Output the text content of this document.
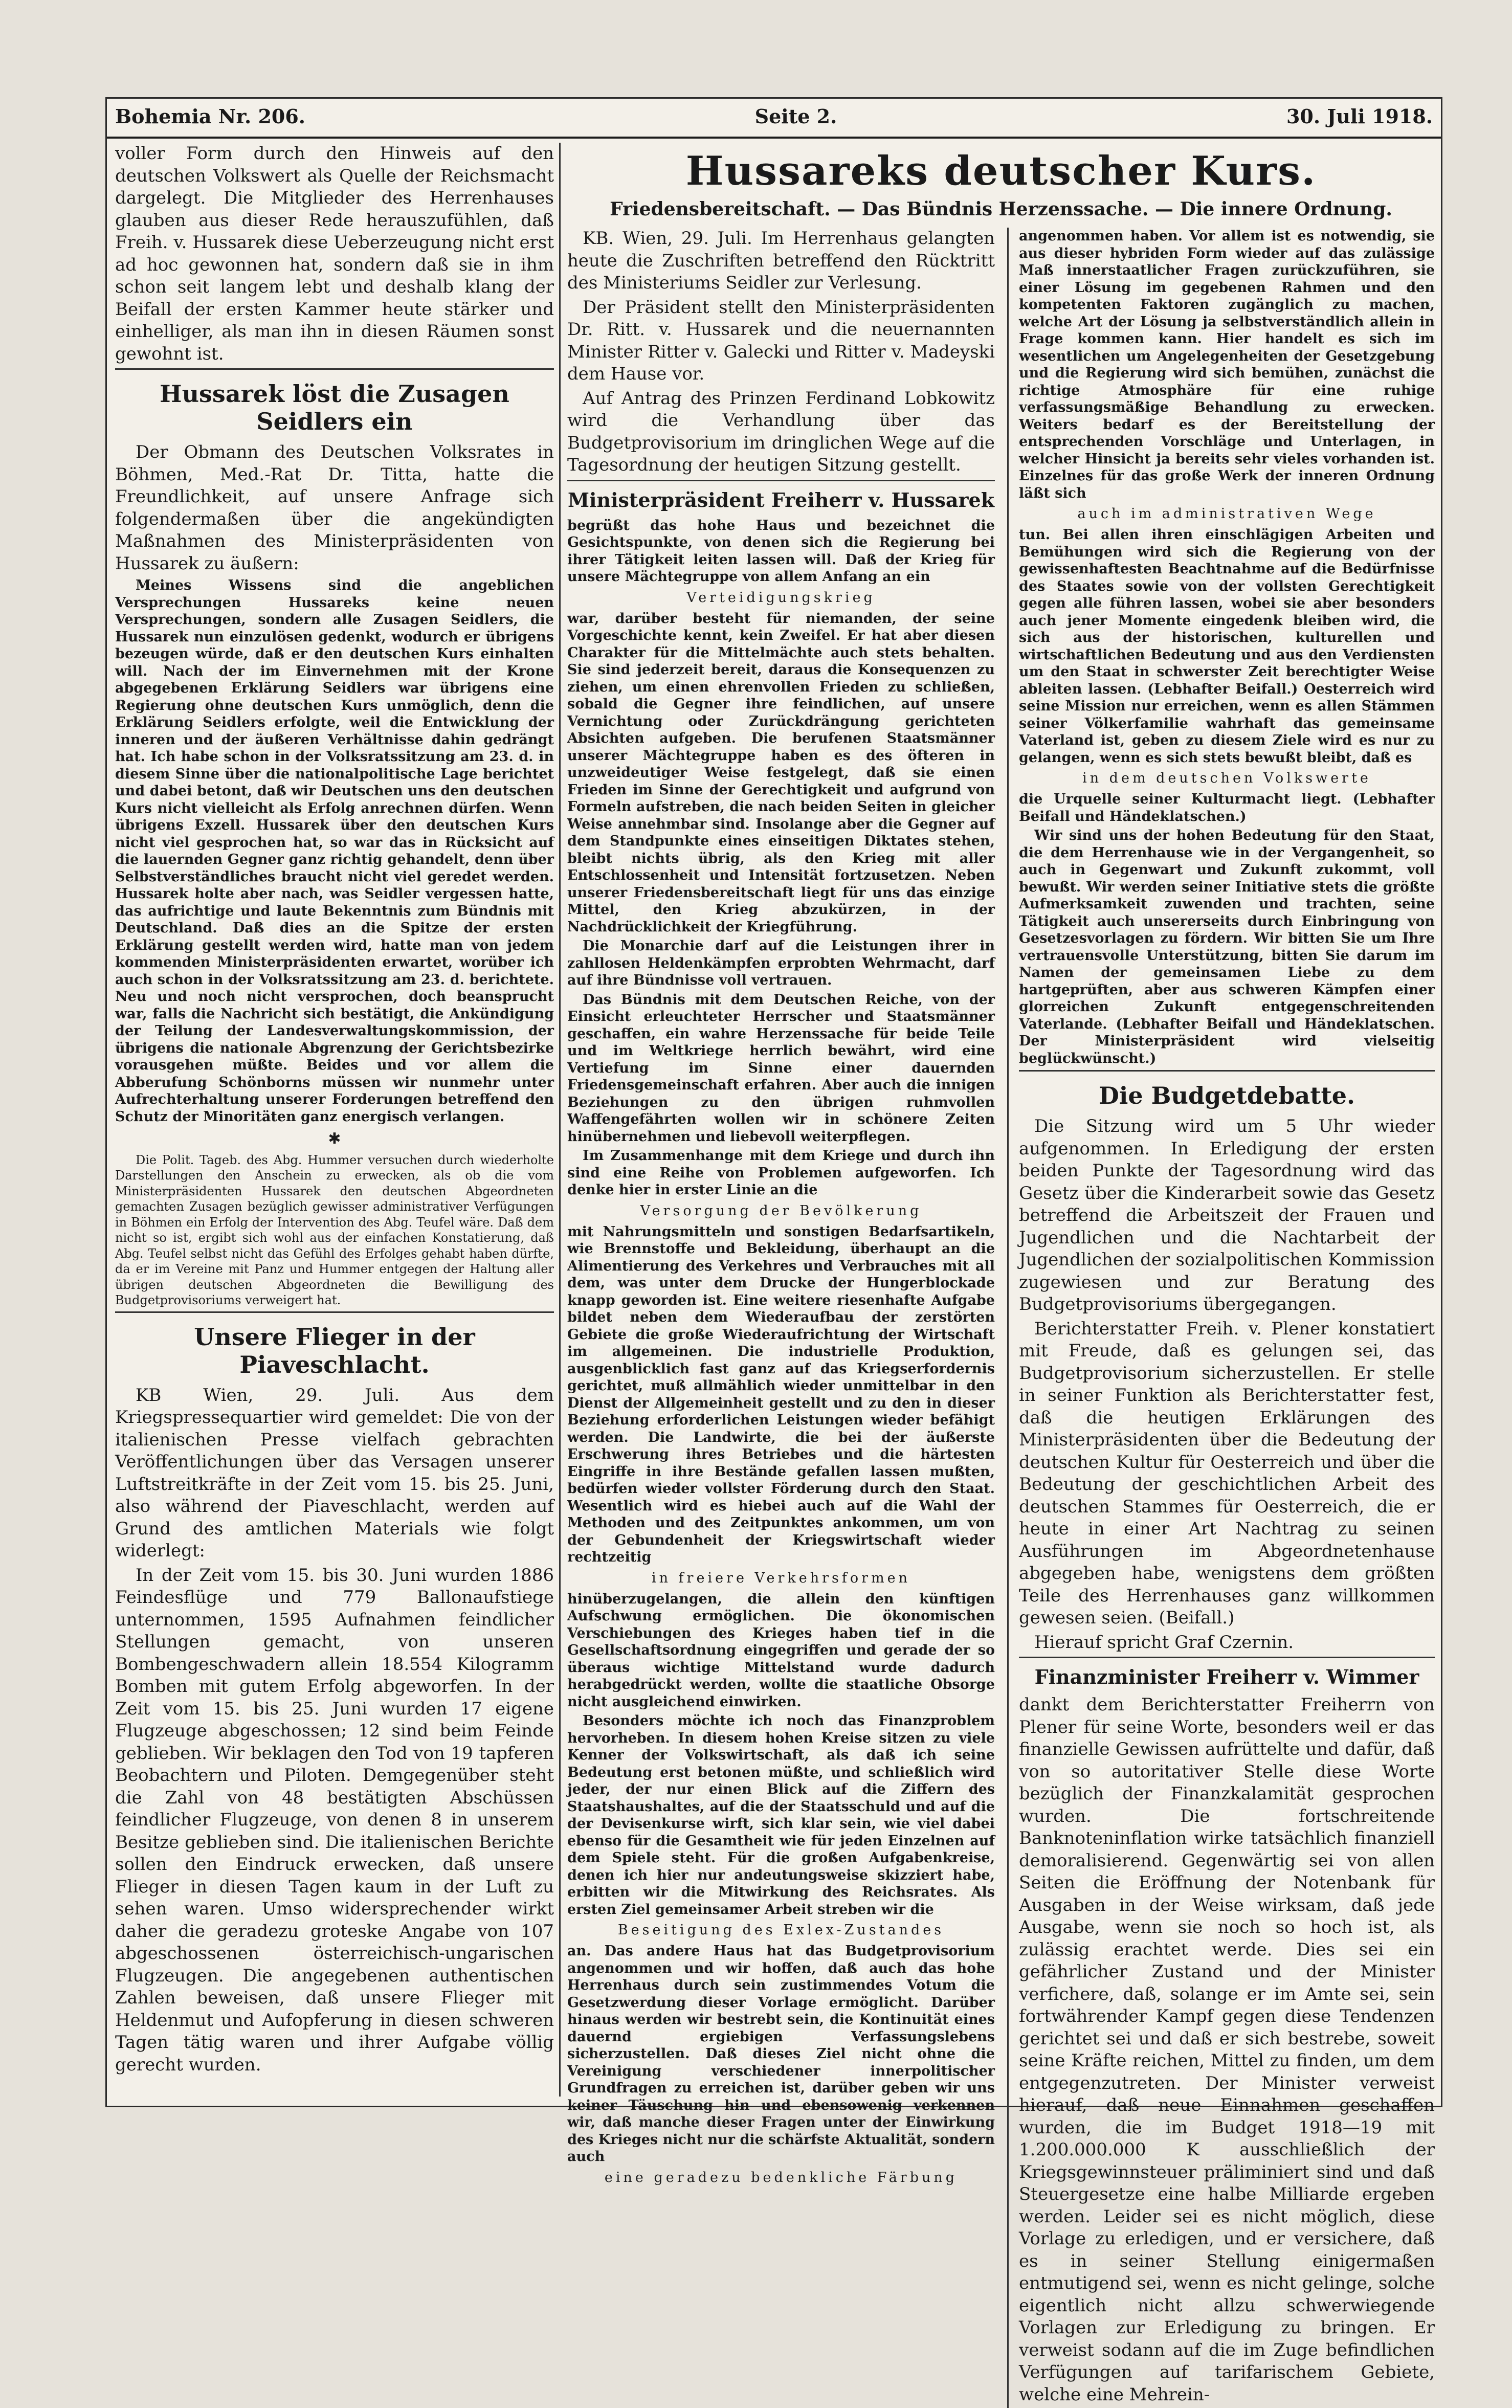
Bohemia Nr. 206.	Seite 2.	30. Juli 1918.

voller Form durch den Hinweis auf den deutschen Volkswert als Quelle der Reichsmacht dargelegt. Die Mitglieder des Herrenhauses glauben aus dieser Rede herauszufühlen, daß Freih. v. Hussarek diese Ueberzeugung nicht erst ad hoc gewonnen hat, sondern daß sie in ihm schon seit langem lebt und deshalb klang der Beifall der ersten Kammer heute stärker und einhelliger, als man ihn in diesen Räumen sonst gewohnt ist.

Hussarek löst die Zusagen Seidlers ein

Der Obmann des Deutschen Volksrates in Böhmen, Med.-Rat Dr. Titta, hatte die Freundlichkeit, auf unsere Anfrage sich folgendermaßen über die angekündigten Maßnahmen des Ministerpräsidenten von Hussarek zu äußern:

Meines Wissens sind die angeblichen Versprechungen Hussareks keine neuen Versprechungen, sondern alle Zusagen Seidlers, die Hussarek nun einzulösen gedenkt, wodurch er übrigens bezeugen würde, daß er den deutschen Kurs einhalten will. Nach der im Einvernehmen mit der Krone abgegebenen Erklärung Seidlers war übrigens eine Regierung ohne deutschen Kurs unmöglich, denn die Erklärung Seidlers erfolgte, weil die Entwicklung der inneren und der äußeren Verhältnisse dahin gedrängt hat. Ich habe schon in der Volksratssitzung am 23. d. in diesem Sinne über die nationalpolitische Lage berichtet und dabei betont, daß wir Deutschen uns den deutschen Kurs nicht vielleicht als Erfolg anrechnen dürfen. Wenn übrigens Exzell. Hussarek über den deutschen Kurs nicht viel gesprochen hat, so war das in Rücksicht auf die lauernden Gegner ganz richtig gehandelt, denn über Selbstverständliches braucht nicht viel geredet werden. Hussarek holte aber nach, was Seidler vergessen hatte, das aufrichtige und laute Bekenntnis zum Bündnis mit Deutschland. Daß dies an die Spitze der ersten Erklärung gestellt werden wird, hatte man von jedem kommenden Ministerpräsidenten erwartet, worüber ich auch schon in der Volksratssitzung am 23. d. berichtete. Neu und noch nicht versprochen, doch beansprucht war, falls die Nachricht sich bestätigt, die Ankündigung der Teilung der Landesverwaltungskommission, der übrigens die nationale Abgrenzung der Gerichtsbezirke vorausgehen müßte. Beides und vor allem die Abberufung Schönborns müssen wir nunmehr unter Aufrechterhaltung unserer Forderungen betreffend den Schutz der Minoritäten ganz energisch verlangen.

✱

Die Polit. Tageb. des Abg. Hummer versuchen durch wiederholte Darstellungen den Anschein zu erwecken, als ob die vom Ministerpräsidenten Hussarek den deutschen Abgeordneten gemachten Zusagen bezüglich gewisser administrativer Verfügungen in Böhmen ein Erfolg der Intervention des Abg. Teufel wäre. Daß dem nicht so ist, ergibt sich wohl aus der einfachen Konstatierung, daß Abg. Teufel selbst nicht das Gefühl des Erfolges gehabt haben dürfte, da er im Vereine mit Panz und Hummer entgegen der Haltung aller übrigen deutschen Abgeordneten die Bewilligung des Budgetprovisoriums verweigert hat.

Unsere Flieger in der Piaveschlacht.

KB Wien, 29. Juli. Aus dem Kriegspressequartier wird gemeldet: Die von der italienischen Presse vielfach gebrachten Veröffentlichungen über das Versagen unserer Luftstreitkräfte in der Zeit vom 15. bis 25. Juni, also während der Piaveschlacht, werden auf Grund des amtlichen Materials wie folgt widerlegt:

In der Zeit vom 15. bis 30. Juni wurden 1886 Feindesflüge und 779 Ballonaufstiege unternommen, 1595 Aufnahmen feindlicher Stellungen gemacht, von unseren Bombengeschwadern allein 18.554 Kilogramm Bomben mit gutem Erfolg abgeworfen. In der Zeit vom 15. bis 25. Juni wurden 17 eigene Flugzeuge abgeschossen; 12 sind beim Feinde geblieben. Wir beklagen den Tod von 19 tapferen Beobachtern und Piloten. Demgegenüber steht die Zahl von 48 bestätigten Abschüssen feindlicher Flugzeuge, von denen 8 in unserem Besitze geblieben sind. Die italienischen Berichte sollen den Eindruck erwecken, daß unsere Flieger in diesen Tagen kaum in der Luft zu sehen waren. Umso widersprechender wirkt daher die geradezu groteske Angabe von 107 abgeschossenen österreichisch-ungarischen Flugzeugen. Die angegebenen authentischen Zahlen beweisen, daß unsere Flieger mit Heldenmut und Aufopferung in diesen schweren Tagen tätig waren und ihrer Aufgabe völlig gerecht wurden.

Hussareks deutscher Kurs.
Friedensbereitschaft. — Das Bündnis Herzenssache. — Die innere Ordnung.

KB. Wien, 29. Juli. Im Herrenhaus gelangten heute die Zuschriften betreffend den Rücktritt des Ministeriums Seidler zur Verlesung.

Der Präsident stellt den Ministerpräsidenten Dr. Ritt. v. Hussarek und die neuernannten Minister Ritter v. Galecki und Ritter v. Madeyski dem Hause vor.

Auf Antrag des Prinzen Ferdinand Lobkowitz wird die Verhandlung über das Budgetprovisorium im dringlichen Wege auf die Tagesordnung der heutigen Sitzung gestellt.

Ministerpräsident Freiherr v. Hussarek

begrüßt das hohe Haus und bezeichnet die Gesichtspunkte, von denen sich die Regierung bei ihrer Tätigkeit leiten lassen will. Daß der Krieg für unsere Mächtegruppe von allem Anfang an ein

Verteidigungskrieg

war, darüber besteht für niemanden, der seine Vorgeschichte kennt, kein Zweifel. Er hat aber diesen Charakter für die Mittelmächte auch stets behalten. Sie sind jederzeit bereit, daraus die Konsequenzen zu ziehen, um einen ehrenvollen Frieden zu schließen, sobald die Gegner ihre feindlichen, auf unsere Vernichtung oder Zurückdrängung gerichteten Absichten aufgeben. Die berufenen Staatsmänner unserer Mächtegruppe haben es des öfteren in unzweideutiger Weise festgelegt, daß sie einen Frieden im Sinne der Gerechtigkeit und aufgrund von Formeln aufstreben, die nach beiden Seiten in gleicher Weise annehmbar sind. Insolange aber die Gegner auf dem Standpunkte eines einseitigen Diktates stehen, bleibt nichts übrig, als den Krieg mit aller Entschlossenheit und Intensität fortzusetzen. Neben unserer Friedensbereitschaft liegt für uns das einzige Mittel, den Krieg abzukürzen, in der Nachdrücklichkeit der Kriegführung.

Die Monarchie darf auf die Leistungen ihrer in zahllosen Heldenkämpfen erprobten Wehrmacht, darf auf ihre Bündnisse voll vertrauen.

Das Bündnis mit dem Deutschen Reiche, von der Einsicht erleuchteter Herrscher und Staatsmänner geschaffen, ein wahre Herzenssache für beide Teile und im Weltkriege herrlich bewährt, wird eine Vertiefung im Sinne einer dauernden Friedensgemeinschaft erfahren. Aber auch die innigen Beziehungen zu den übrigen ruhmvollen Waffengefährten wollen wir in schönere Zeiten hinübernehmen und liebevoll weiterpflegen.

Im Zusammenhange mit dem Kriege und durch ihn sind eine Reihe von Problemen aufgeworfen. Ich denke hier in erster Linie an die

Versorgung der Bevölkerung

mit Nahrungsmitteln und sonstigen Bedarfsartikeln, wie Brennstoffe und Bekleidung, überhaupt an die Alimentierung des Verkehres und Verbrauches mit all dem, was unter dem Drucke der Hungerblockade knapp geworden ist. Eine weitere riesenhafte Aufgabe bildet neben dem Wiederaufbau der zerstörten Gebiete die große Wiederaufrichtung der Wirtschaft im allgemeinen. Die industrielle Produktion, ausgenblicklich fast ganz auf das Kriegserfordernis gerichtet, muß allmählich wieder unmittelbar in den Dienst der Allgemeinheit gestellt und zu den in dieser Beziehung erforderlichen Leistungen wieder befähigt werden. Die Landwirte, die bei der äußerste Erschwerung ihres Betriebes und die härtesten Eingriffe in ihre Bestände gefallen lassen mußten, bedürfen wieder vollster Förderung durch den Staat. Wesentlich wird es hiebei auch auf die Wahl der Methoden und des Zeitpunktes ankommen, um von der Gebundenheit der Kriegswirtschaft wieder rechtzeitig

in freiere Verkehrsformen

hinüberzugelangen, die allein den künftigen Aufschwung ermöglichen. Die ökonomischen Verschiebungen des Krieges haben tief in die Gesellschaftsordnung eingegriffen und gerade der so überaus wichtige Mittelstand wurde dadurch herabgedrückt werden, wollte die staatliche Obsorge nicht ausgleichend einwirken.

Besonders möchte ich noch das Finanzproblem hervorheben. In diesem hohen Kreise sitzen zu viele Kenner der Volkswirtschaft, als daß ich seine Bedeutung erst betonen müßte, und schließlich wird jeder, der nur einen Blick auf die Ziffern des Staatshaushaltes, auf die der Staatsschuld und auf die der Devisenkurse wirft, sich klar sein, wie viel dabei ebenso für die Gesamtheit wie für jeden Einzelnen auf dem Spiele steht. Für die großen Aufgabenkreise, denen ich hier nur andeutungsweise skizziert habe, erbitten wir die Mitwirkung des Reichsrates. Als ersten Ziel gemeinsamer Arbeit streben wir die

Beseitigung des Exlex-Zustandes

an. Das andere Haus hat das Budgetprovisorium angenommen und wir hoffen, daß auch das hohe Herrenhaus durch sein zustimmendes Votum die Gesetzwerdung dieser Vorlage ermöglicht. Darüber hinaus werden wir bestrebt sein, die Kontinuität eines dauernd ergiebigen Verfassungslebens sicherzustellen. Daß dieses Ziel nicht ohne die Vereinigung verschiedener innerpolitischer Grundfragen zu erreichen ist, darüber geben wir uns keiner Täuschung hin und ebensowenig verkennen wir, daß manche dieser Fragen unter der Einwirkung des Krieges nicht nur die schärfste Aktualität, sondern auch

eine geradezu bedenkliche Färbung

angenommen haben. Vor allem ist es notwendig, sie aus dieser hybriden Form wieder auf das zulässige Maß innerstaatlicher Fragen zurückzuführen, sie einer Lösung im gegebenen Rahmen und den kompetenten Faktoren zugänglich zu machen, welche Art der Lösung ja selbstverständlich allein in Frage kommen kann. Hier handelt es sich im wesentlichen um Angelegenheiten der Gesetzgebung und die Regierung wird sich bemühen, zunächst die richtige Atmosphäre für eine ruhige verfassungsmäßige Behandlung zu erwecken. Weiters bedarf es der Bereitstellung der entsprechenden Vorschläge und Unterlagen, in welcher Hinsicht ja bereits sehr vieles vorhanden ist. Einzelnes für das große Werk der inneren Ordnung läßt sich

auch im administrativen Wege

tun. Bei allen ihren einschlägigen Arbeiten und Bemühungen wird sich die Regierung von der gewissenhaftesten Beachtnahme auf die Bedürfnisse des Staates sowie von der vollsten Gerechtigkeit gegen alle führen lassen, wobei sie aber besonders auch jener Momente eingedenk bleiben wird, die sich aus der historischen, kulturellen und wirtschaftlichen Bedeutung und aus den Verdiensten um den Staat in schwerster Zeit berechtigter Weise ableiten lassen. (Lebhafter Beifall.) Oesterreich wird seine Mission nur erreichen, wenn es allen Stämmen seiner Völkerfamilie wahrhaft das gemeinsame Vaterland ist, geben zu diesem Ziele wird es nur zu gelangen, wenn es sich stets bewußt bleibt, daß es

in dem deutschen Volkswerte

die Urquelle seiner Kulturmacht liegt. (Lebhafter Beifall und Händeklatschen.)

Wir sind uns der hohen Bedeutung für den Staat, die dem Herrenhause wie in der Vergangenheit, so auch in Gegenwart und Zukunft zukommt, voll bewußt. Wir werden seiner Initiative stets die größte Aufmerksamkeit zuwenden und trachten, seine Tätigkeit auch unsererseits durch Einbringung von Gesetzesvorlagen zu fördern. Wir bitten Sie um Ihre vertrauensvolle Unterstützung, bitten Sie darum im Namen der gemeinsamen Liebe zu dem hartgeprüften, aber aus schweren Kämpfen einer glorreichen Zukunft entgegenschreitenden Vaterlande. (Lebhafter Beifall und Händeklatschen. Der Ministerpräsident wird vielseitig beglückwünscht.)

Die Budgetdebatte.

Die Sitzung wird um 5 Uhr wieder aufgenommen. In Erledigung der ersten beiden Punkte der Tagesordnung wird das Gesetz über die Kinderarbeit sowie das Gesetz betreffend die Arbeitszeit der Frauen und Jugendlichen und die Nachtarbeit der Jugendlichen der sozialpolitischen Kommission zugewiesen und zur Beratung des Budgetprovisoriums übergegangen.

Berichterstatter Freih. v. Plener konstatiert mit Freude, daß es gelungen sei, das Budgetprovisorium sicherzustellen. Er stelle in seiner Funktion als Berichterstatter fest, daß die heutigen Erklärungen des Ministerpräsidenten über die Bedeutung der deutschen Kultur für Oesterreich und über die Bedeutung der geschichtlichen Arbeit des deutschen Stammes für Oesterreich, die er heute in einer Art Nachtrag zu seinen Ausführungen im Abgeordnetenhause abgegeben habe, wenigstens dem größten Teile des Herrenhauses ganz willkommen gewesen seien. (Beifall.)

Hierauf spricht Graf Czernin.

Finanzminister Freiherr v. Wimmer

dankt dem Berichterstatter Freiherrn von Plener für seine Worte, besonders weil er das finanzielle Gewissen aufrüttelte und dafür, daß von so autoritativer Stelle diese Worte bezüglich der Finanzkalamität gesprochen wurden. Die fortschreitende Banknoteninflation wirke tatsächlich finanziell demoralisierend. Gegenwärtig sei von allen Seiten die Eröffnung der Notenbank für Ausgaben in der Weise wirksam, daß jede Ausgabe, wenn sie noch so hoch ist, als zulässig erachtet werde. Dies sei ein gefährlicher Zustand und der Minister verfichere, daß, solange er im Amte sei, sein fortwährender Kampf gegen diese Tendenzen gerichtet sei und daß er sich bestrebe, soweit seine Kräfte reichen, Mittel zu finden, um dem entgegenzutreten. Der Minister verweist hierauf, daß neue Einnahmen geschaffen wurden, die im Budget 1918—19 mit 1.200.000.000 K ausschließlich der Kriegsgewinnsteuer präliminiert sind und daß Steuergesetze eine halbe Milliarde ergeben werden. Leider sei es nicht möglich, diese Vorlage zu erledigen, und er versichere, daß es in seiner Stellung einigermaßen entmutigend sei, wenn es nicht gelinge, solche eigentlich nicht allzu schwerwiegende Vorlagen zur Erledigung zu bringen. Er verweist sodann auf die im Zuge befindlichen Verfügungen auf tarifarischem Gebiete, welche eine Mehrein-
